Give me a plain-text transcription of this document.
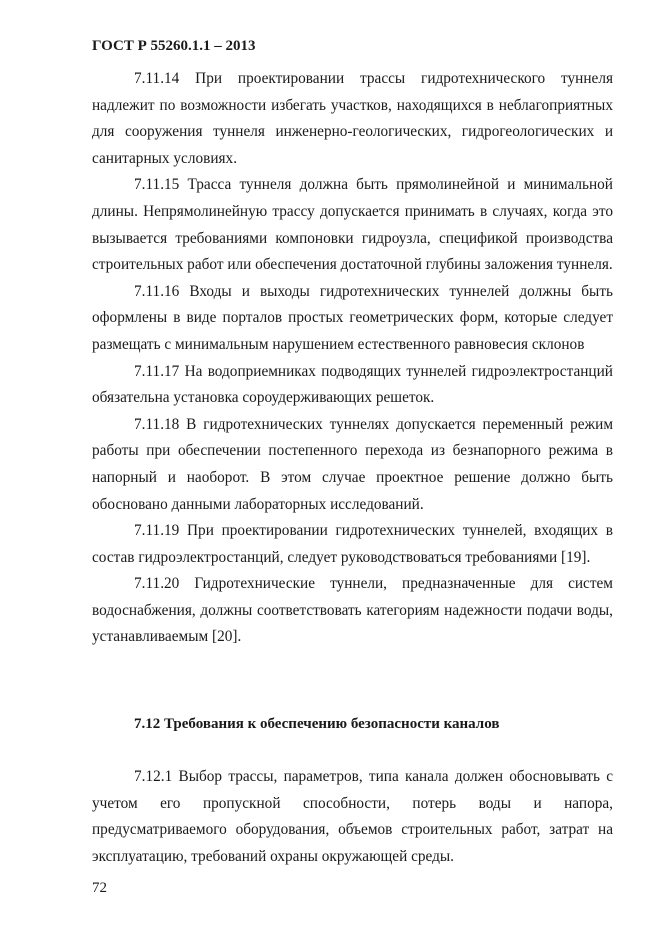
ГОСТ Р 55260.1.1 – 2013

7.11.14 При проектировании трассы гидротехнического туннеля надлежит по возможности избегать участков, находящихся в неблагоприятных для сооружения туннеля инженерно-геологических, гидрогеологических и санитарных условиях.

7.11.15 Трасса туннеля должна быть прямолинейной и минимальной длины. Непрямолинейную трассу допускается принимать в случаях, когда это вызывается требованиями компоновки гидроузла, спецификой производства строительных работ или обеспечения достаточной глубины заложения туннеля.

7.11.16 Входы и выходы гидротехнических туннелей должны быть оформлены в виде порталов простых геометрических форм, которые следует размещать с минимальным нарушением естественного равновесия склонов

7.11.17 На водоприемниках подводящих туннелей гидроэлектростанций обязательна установка сороудерживающих решеток.

7.11.18 В гидротехнических туннелях допускается переменный режим работы при обеспечении постепенного перехода из безнапорного режима в напорный и наоборот. В этом случае проектное решение должно быть обосновано данными лабораторных исследований.

7.11.19 При проектировании гидротехнических туннелей, входящих в состав гидроэлектростанций, следует руководствоваться требованиями [19].

7.11.20 Гидротехнические туннели, предназначенные для систем водоснабжения, должны соответствовать категориям надежности подачи воды, устанавливаемым [20].

7.12 Требования к обеспечению безопасности каналов

7.12.1 Выбор трассы, параметров, типа канала должен обосновывать с учетом его пропускной способности, потерь воды и напора, предусматриваемого оборудования, объемов строительных работ, затрат на эксплуатацию, требований охраны окружающей среды.

72
